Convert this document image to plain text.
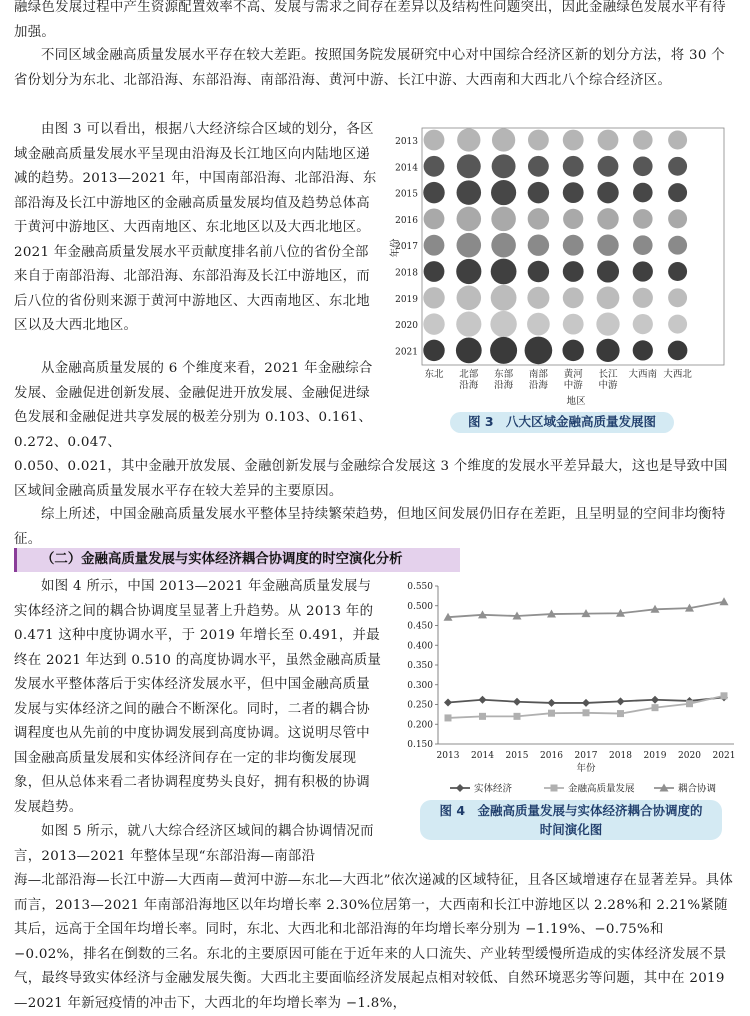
融绿色发展过程中产生资源配置效率不高、发展与需求之间存在差异以及结构性问题突出，因此金融绿色发展水平有待加强。

不同区域金融高质量发展水平存在较大差距。按照国务院发展研究中心对中国综合经济区新的划分方法，将 30 个省份划分为东北、北部沿海、东部沿海、南部沿海、黄河中游、长江中游、大西南和大西北八个综合经济区。

由图 3 可以看出，根据八大经济综合区域的划分，各区域金融高质量发展水平呈现由沿海及长江地区向内陆地区递减的趋势。2013—2021 年，中国南部沿海、北部沿海、东部沿海及长江中游地区的金融高质量发展均值及趋势总体高于黄河中游地区、大西南地区、东北地区以及大西北地区。2021 年金融高质量发展水平贡献度排名前八位的省份全部来自于南部沿海、北部沿海、东部沿海及长江中游地区，而后八位的省份则来源于黄河中游地区、大西南地区、东北地区以及大西北地区。

从金融高质量发展的 6 个维度来看，2021 年金融综合发展、金融促进创新发展、金融促进开放发展、金融促进绿色发展和金融促进共享发展的极差分别为 0.103、0.161、0.272、0.047、

0.050、0.021，其中金融开放发展、金融创新发展与金融综合发展这 3 个维度的发展水平差异最大，这也是导致中国区域间金融高质量发展水平存在较大差异的主要原因。

综上所述，中国金融高质量发展水平整体呈持续繁荣趋势，但地区间发展仍旧存在差距，且呈明显的空间非均衡特征。

（二）金融高质量发展与实体经济耦合协调度的时空演化分析

如图 4 所示，中国 2013—2021 年金融高质量发展与实体经济之间的耦合协调度呈显著上升趋势。从 2013 年的 0.471 这种中度协调水平，于 2019 年增长至 0.491，并最终在 2021 年达到 0.510 的高度协调水平，虽然金融高质量发展水平整体落后于实体经济发展水平，但中国金融高质量发展与实体经济之间的融合不断深化。同时，二者的耦合协调程度也从先前的中度协调发展到高度协调。这说明尽管中国金融高质量发展和实体经济间存在一定的非均衡发展现象，但从总体来看二者协调程度势头良好，拥有积极的协调发展趋势。

如图 5 所示，就八大综合经济区域间的耦合协调情况而言，2013—2021 年整体呈现“东部沿海—南部沿

海—北部沿海—长江中游—大西南—黄河中游—东北—大西北”依次递减的区域特征，且各区域增速存在显著差异。具体而言，2013—2021 年南部沿海地区以年均增长率 2.30%位居第一，大西南和长江中游地区以 2.28%和 2.21%紧随其后，远高于全国年均增长率。同时，东北、大西北和北部沿海的年均增长率分别为 −1.19%、−0.75%和 −0.02%，排名在倒数的三名。东北的主要原因可能在于近年来的人口流失、产业转型缓慢所造成的实体经济发展不景气，最终导致实体经济与金融发展失衡。大西北主要面临经济发展起点相对较低、自然环境恶劣等问题，其中在 2019—2021 年新冠疫情的冲击下，大西北的年均增长率为 −1.8%，

2013
2014
2015
2016
2017
2018
2019
2020
2021
东北 北部
沿海
东部
沿海
南部
沿海
黄河
中游
长江
中游
大西南 大西北
地区
年份
图 3　八大区域金融高质量发展图
0.150
0.200
0.250
0.300
0.350
0.400
0.450
0.500
0.550
2013 2014 2015 2016 2017 2018 2019 2020 2021
年份
实体经济	金融高质量发展	耦合协调
图 4　金融高质量发展与实体经济耦合协调度的时间演化图
